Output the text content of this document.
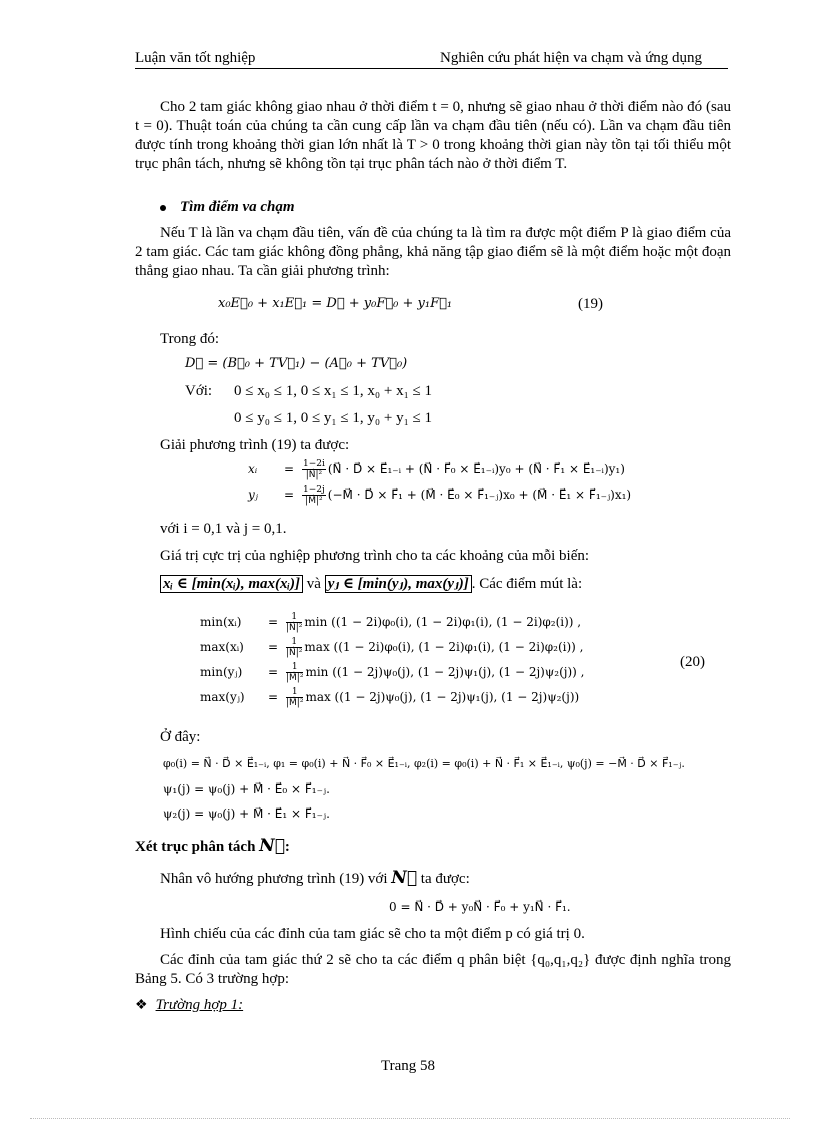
Luận văn tốt nghiệp	Nghiên cứu phát hiện va chạm và ứng dụng
Cho 2 tam giác không giao nhau ở thời điểm t = 0, nhưng sẽ giao nhau ở thời điểm nào đó (sau t = 0). Thuật toán của chúng ta cần cung cấp lần va chạm đầu tiên (nếu có). Lần va chạm đầu tiên được tính trong khoảng thời gian lớn nhất là T > 0 trong khoảng thời gian này tồn tại tối thiểu một trục phân tách, nhưng sẽ không tồn tại trục phân tách nào ở thời điểm T.
Tìm điểm va chạm
Nếu T là lần va chạm đầu tiên, vấn đề của chúng ta là tìm ra được một điểm P là giao điểm của 2 tam giác. Các tam giác không đồng phẳng, khả năng tập giao điểm sẽ là một điểm hoặc một đoạn thẳng giao nhau. Ta cần giải phương trình:
x₀E⃗₀ + x₁E⃗₁ = D⃗ + y₀F⃗₀ + y₁F⃗₁	(19)
Trong đó:
D⃗ = (B⃗₀ + TV⃗₁) − (A⃗₀ + TV⃗₀)
Với: 0 ≤ x₀ ≤ 1, 0 ≤ x₁ ≤ 1, x₀ + x₁ ≤ 1
0 ≤ y₀ ≤ 1, 0 ≤ y₁ ≤ 1, y₀ + y₁ ≤ 1
Giải phương trình (19) ta được:
xᵢ = $\frac{1-2i}{\text{|N⃗|²}}$ (N⃗ · D⃗ × E⃗₁₋ᵢ + (N⃗ · F⃗₀ × E⃗₁₋ᵢ)y₀ + (N⃗ · F⃗₁ × E⃗₁₋ᵢ)y₁)
yⱼ = $\frac{1-2j}{\text{|M⃗|²}}$ (−M⃗ · D⃗ × F⃗₁ + (M⃗ · E⃗₀ × F⃗₁₋ⱼ)x₀ + (M⃗ · E⃗₁ × F⃗₁₋ⱼ)x₁)
với i = 0,1 và j = 0,1.
Giá trị cực trị của nghiệp phương trình cho ta các khoảng của mỗi biến:
xᵢ ∈ [min(xᵢ), max(xᵢ)] và yⱼ ∈ [min(yⱼ), max(yⱼ)] . Các điểm mút là:
min(xᵢ) = $\frac{1}{\text{|N⃗|²}}$ min ((1 − 2i)φ₀(i), (1 − 2i)φ₁(i), (1 − 2i)φ₂(i)) ,
max(xᵢ) = $\frac{1}{\text{|N⃗|²}}$ max ((1 − 2i)φ₀(i), (1 − 2i)φ₁(i), (1 − 2i)φ₂(i)) ,
min(yⱼ) = $\frac{1}{\text{|M⃗|²}}$ min ((1 − 2j)ψ₀(j), (1 − 2j)ψ₁(j), (1 − 2j)ψ₂(j)) ,
max(yⱼ) = $\frac{1}{\text{|M⃗|²}}$ max ((1 − 2j)ψ₀(j), (1 − 2j)ψ₁(j), (1 − 2j)ψ₂(j))
(20)
Ở đây:
φ₀(i) = N⃗ · D⃗ × E⃗₁₋ᵢ, φ₁ = φ₀(i) + N⃗ · F⃗₀ × E⃗₁₋ᵢ, φ₂(i) = φ₀(i) + N⃗ · F⃗₁ × E⃗₁₋ᵢ, ψ₀(j) = −M⃗ · D⃗ × F⃗₁₋ⱼ.
ψ₁(j) = ψ₀(j) + M⃗ · E⃗₀ × F⃗₁₋ⱼ.
ψ₂(j) = ψ₀(j) + M⃗ · E⃗₁ × F⃗₁₋ⱼ.
Xét trục phân tách N⃗:
Nhân vô hướng phương trình (19) với N⃗ ta được:
0 = N⃗ · D⃗ + y₀N⃗ · F⃗₀ + y₁N⃗ · F⃗₁.
Hình chiếu của các đỉnh của tam giác sẽ cho ta một điểm p có giá trị 0.
Các đỉnh của tam giác thứ 2 sẽ cho ta các điểm q phân biệt {q₀,q₁,q₂} được định nghĩa trong Bảng 5. Có 3 trường hợp:
❖ Trường hợp 1:
Trang 58
